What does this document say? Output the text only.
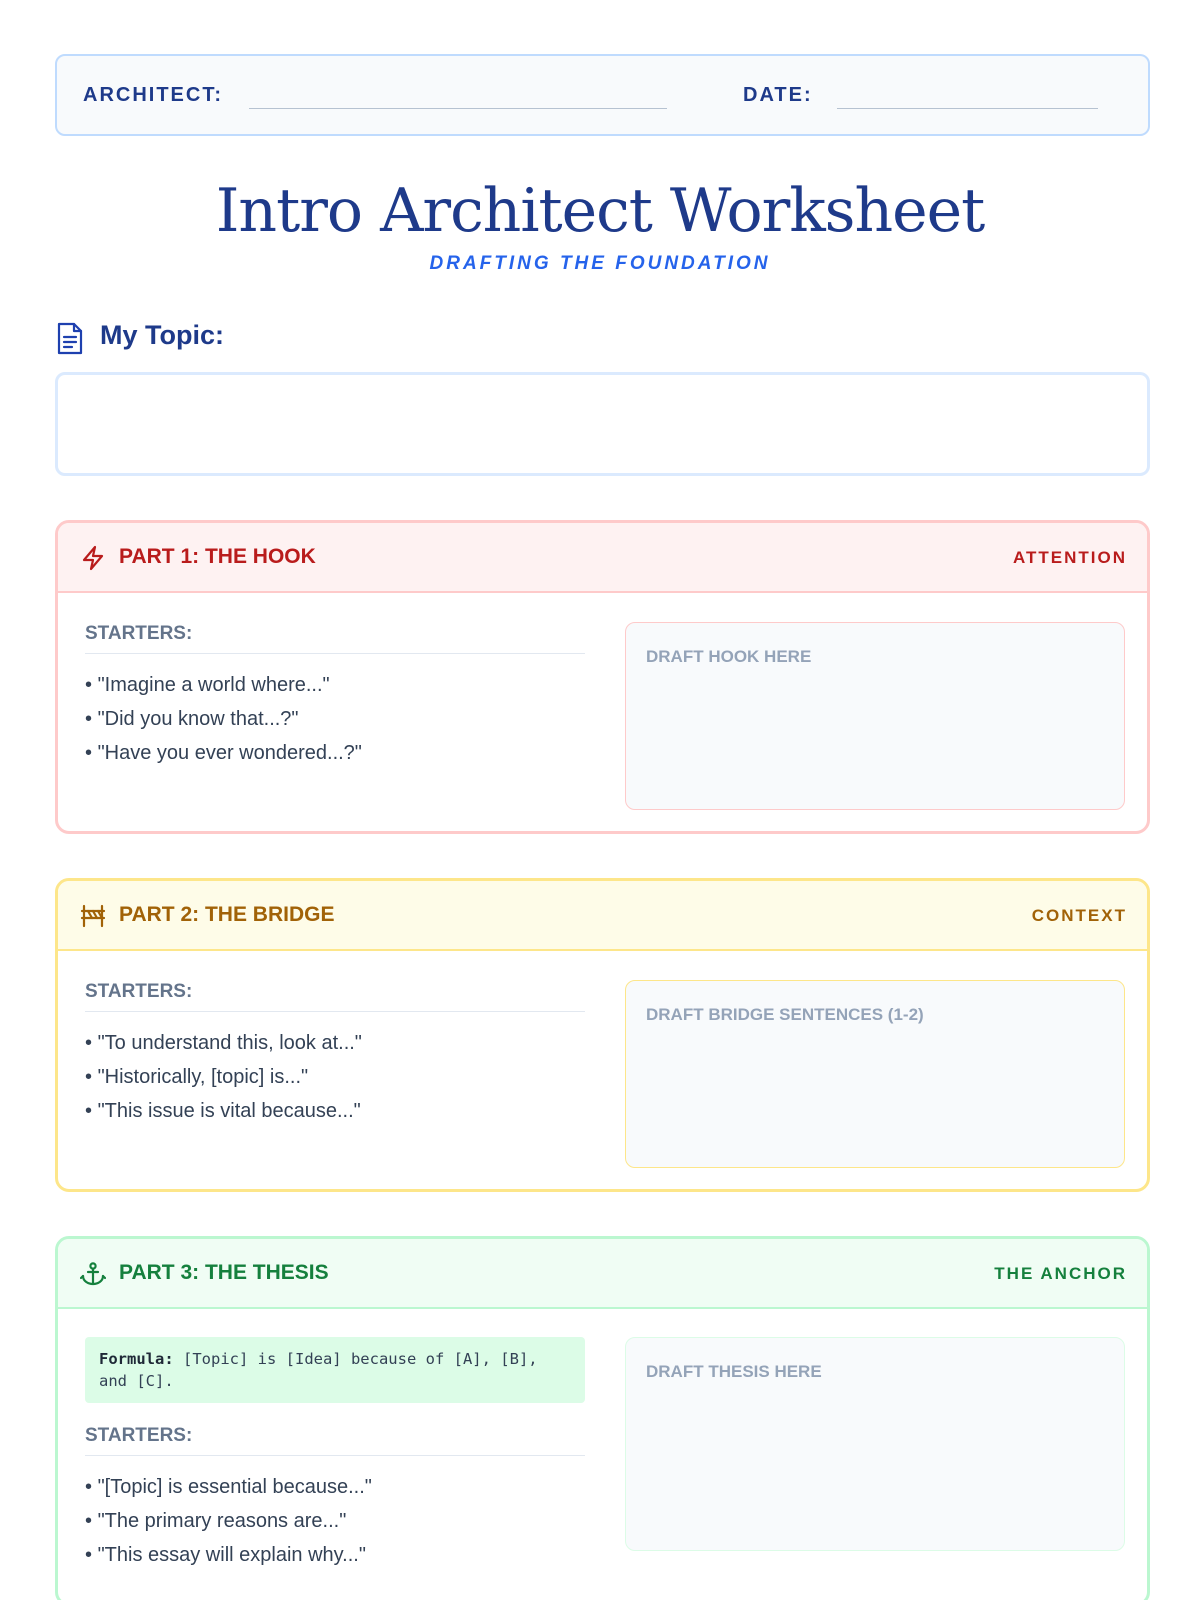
ARCHITECT:	DATE:
Intro Architect Worksheet
DRAFTING THE FOUNDATION
My Topic:
PART 1: THE HOOK	ATTENTION
STARTERS:
• "Imagine a world where..."
• "Did you know that...?"
• "Have you ever wondered...?"
DRAFT HOOK HERE
PART 2: THE BRIDGE	CONTEXT
STARTERS:
• "To understand this, look at..."
• "Historically, [topic] is..."
• "This issue is vital because..."
DRAFT BRIDGE SENTENCES (1-2)
PART 3: THE THESIS	THE ANCHOR
Formula: [Topic] is [Idea] because of [A], [B], and [C].
STARTERS:
• "[Topic] is essential because..."
• "The primary reasons are..."
• "This essay will explain why..."
DRAFT THESIS HERE
